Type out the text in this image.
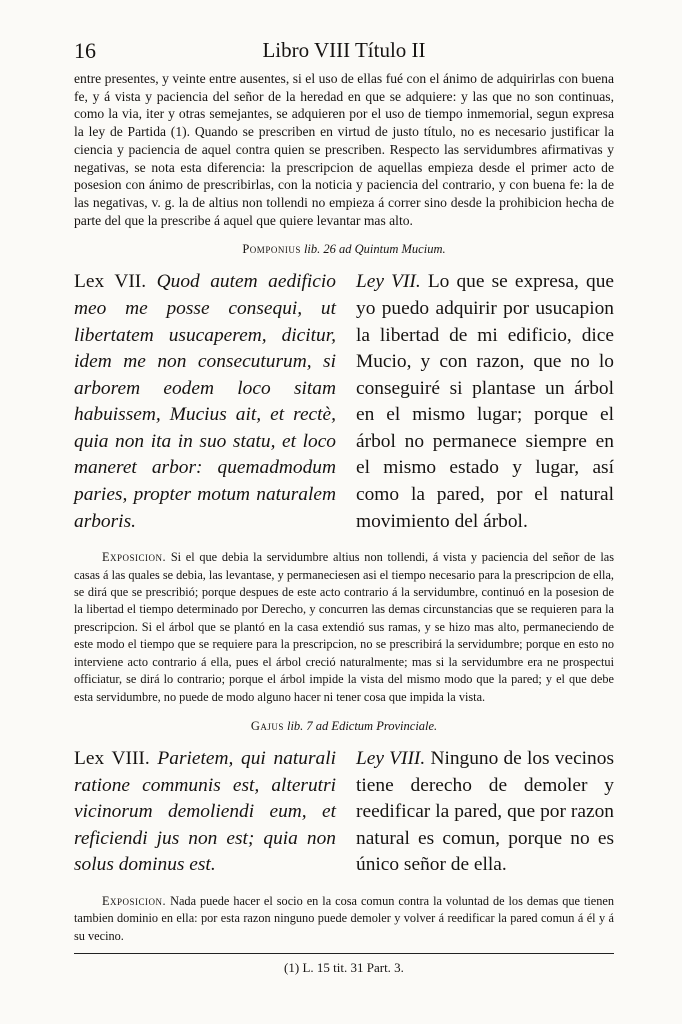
16	Libro VIII Título II

entre presentes, y veinte entre ausentes, si el uso de ellas fué con el ánimo de adquirirlas con buena fe, y á vista y paciencia del señor de la heredad en que se adquiere: y las que no son continuas, como la via, iter y otras semejantes, se adquieren por el uso de tiempo inmemorial, segun expresa la ley de Partida (1). Quando se prescriben en virtud de justo título, no es necesario justificar la ciencia y paciencia de aquel contra quien se prescriben. Respecto las servidumbres afirmativas y negativas, se nota esta diferencia: la prescripcion de aquellas empieza desde el primer acto de posesion con ánimo de prescribirlas, con la noticia y paciencia del contrario, y con buena fe: la de las negativas, v. g. la de altius non tollendi no empieza á correr sino desde la prohibicion hecha de parte del que la prescribe á aquel que quiere levantar mas alto.

Pomponius lib. 26 ad Quintum Mucium.
Lex VII. Quod autem aedificio meo me posse consequi, ut libertatem usucaperem, dicitur, idem me non consecuturum, si arborem eodem loco sitam habuissem, Mucius ait, et rectè, quia non ita in suo statu, et loco maneret arbor: quemadmodum paries, propter motum naturalem arboris.
Ley VII. Lo que se expresa, que yo puedo adquirir por usucapion la libertad de mi edificio, dice Mucio, y con razon, que no lo conseguiré si plantase un árbol en el mismo lugar; porque el árbol no permanece siempre en el mismo estado y lugar, así como la pared, por el natural movimiento del árbol.

Exposicion. Si el que debia la servidumbre altius non tollendi, á vista y paciencia del señor de las casas á las quales se debia, las levantase, y permaneciesen asi el tiempo necesario para la prescripcion de ella, se dirá que se prescribió; porque despues de este acto contrario á la servidumbre, continuó en la posesion de la libertad el tiempo determinado por Derecho, y concurren las demas circunstancias que se requieren para la prescripcion. Si el árbol que se plantó en la casa extendió sus ramas, y se hizo mas alto, permaneciendo de este modo el tiempo que se requiere para la prescripcion, no se prescribirá la servidumbre; porque en esto no interviene acto contrario á ella, pues el árbol creció naturalmente; mas si la servidumbre era ne prospectui officiatur, se dirá lo contrario; porque el árbol impide la vista del mismo modo que la pared; y el que debe esta servidumbre, no puede de modo alguno hacer ni tener cosa que impida la vista.

Gajus lib. 7 ad Edictum Provinciale.
Lex VIII. Parietem, qui naturali ratione communis est, alterutri vicinorum demoliendi eum, et reficiendi jus non est; quia non solus dominus est.
Ley VIII. Ninguno de los vecinos tiene derecho de demoler y reedificar la pared, que por razon natural es comun, porque no es único señor de ella.

Exposicion. Nada puede hacer el socio en la cosa comun contra la voluntad de los demas que tienen tambien dominio en ella: por esta razon ninguno puede demoler y volver á reedificar la pared comun á él y á su vecino.

(1) L. 15 tit. 31 Part. 3.
